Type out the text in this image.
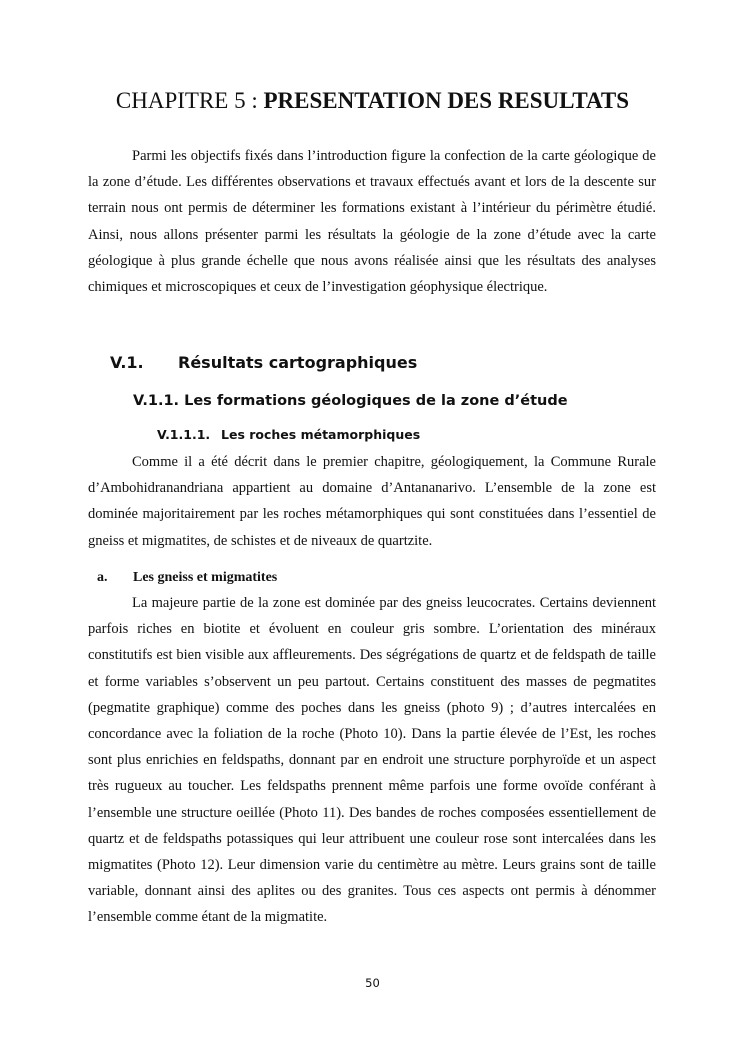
CHAPITRE 5 : PRESENTATION DES RESULTATS

Parmi les objectifs fixés dans l’introduction figure la confection de la carte géologique de la zone d’étude. Les différentes observations et travaux effectués avant et lors de la descente sur terrain nous ont permis de déterminer les formations existant à l’intérieur du périmètre étudié. Ainsi, nous allons présenter parmi les résultats la géologie de la zone d’étude avec la carte géologique à plus grande échelle que nous avons réalisée ainsi que les résultats des analyses chimiques et microscopiques et ceux de l’investigation géophysique électrique.

V.1. Résultats cartographiques
V.1.1. Les formations géologiques de la zone d’étude
V.1.1.1. Les roches métamorphiques

Comme il a été décrit dans le premier chapitre, géologiquement, la Commune Rurale d’Ambohidranandriana appartient au domaine d’Antananarivo. L’ensemble de la zone est dominée majoritairement par les roches métamorphiques qui sont constituées dans l’essentiel de gneiss et migmatites, de schistes et de niveaux de quartzite.

a. Les gneiss et migmatites

La majeure partie de la zone est dominée par des gneiss leucocrates. Certains deviennent parfois riches en biotite et évoluent en couleur gris sombre. L’orientation des minéraux constitutifs est bien visible aux affleurements. Des ségrégations de quartz et de feldspath de taille et forme variables s’observent un peu partout. Certains constituent des masses de pegmatites (pegmatite graphique) comme des poches dans les gneiss (photo 9) ; d’autres intercalées en concordance avec la foliation de la roche (Photo 10). Dans la partie élevée de l’Est, les roches sont plus enrichies en feldspaths, donnant par en endroit une structure porphyroïde et un aspect très rugueux au toucher. Les feldspaths prennent même parfois une forme ovoïde conférant à l’ensemble une structure oeillée (Photo 11). Des bandes de roches composées essentiellement de quartz et de feldspaths potassiques qui leur attribuent une couleur rose sont intercalées dans les migmatites (Photo 12). Leur dimension varie du centimètre au mètre. Leurs grains sont de taille variable, donnant ainsi des aplites ou des granites. Tous ces aspects ont permis à dénommer l’ensemble comme étant de la migmatite.

50
